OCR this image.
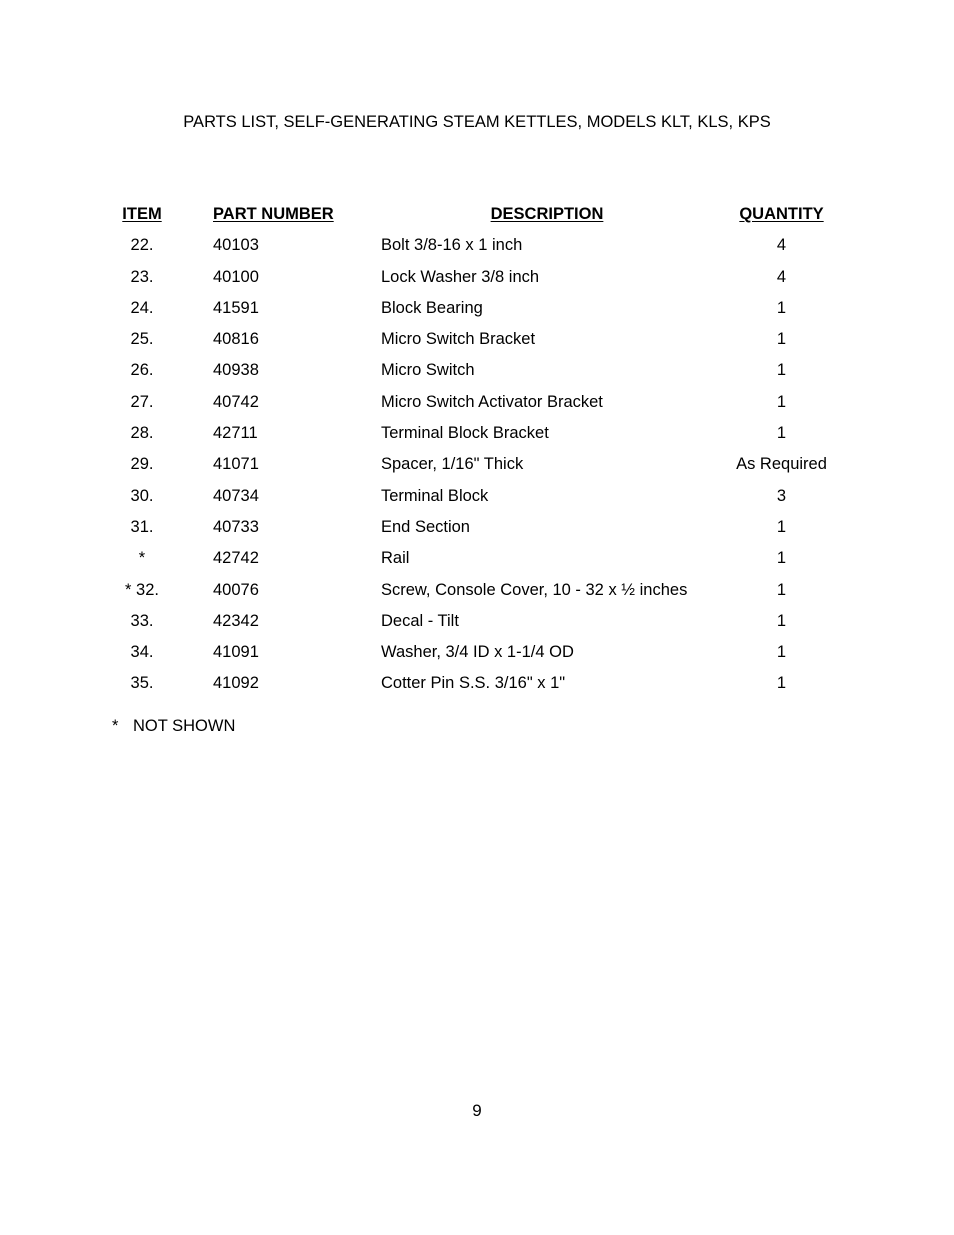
PARTS LIST, SELF-GENERATING STEAM KETTLES, MODELS KLT, KLS, KPS
ITEM	PART NUMBER	DESCRIPTION	QUANTITY
22.	40103	Bolt 3/8-16 x 1 inch	4
23.	40100	Lock Washer 3/8 inch	4
24.	41591	Block Bearing	1
25.	40816	Micro Switch Bracket	1
26.	40938	Micro Switch	1
27.	40742	Micro Switch Activator Bracket	1
28.	42711	Terminal Block Bracket	1
29.	41071	Spacer, 1/16" Thick	As Required
30.	40734	Terminal Block	3
31.	40733	End Section	1
*	42742	Rail	1
* 32.	40076	Screw, Console Cover, 10 - 32 x ½ inches	1
33.	42342	Decal - Tilt	1
34.	41091	Washer, 3/4 ID x 1-1/4 OD	1
35.	41092	Cotter Pin S.S. 3/16" x 1"	1
* NOT SHOWN
9
